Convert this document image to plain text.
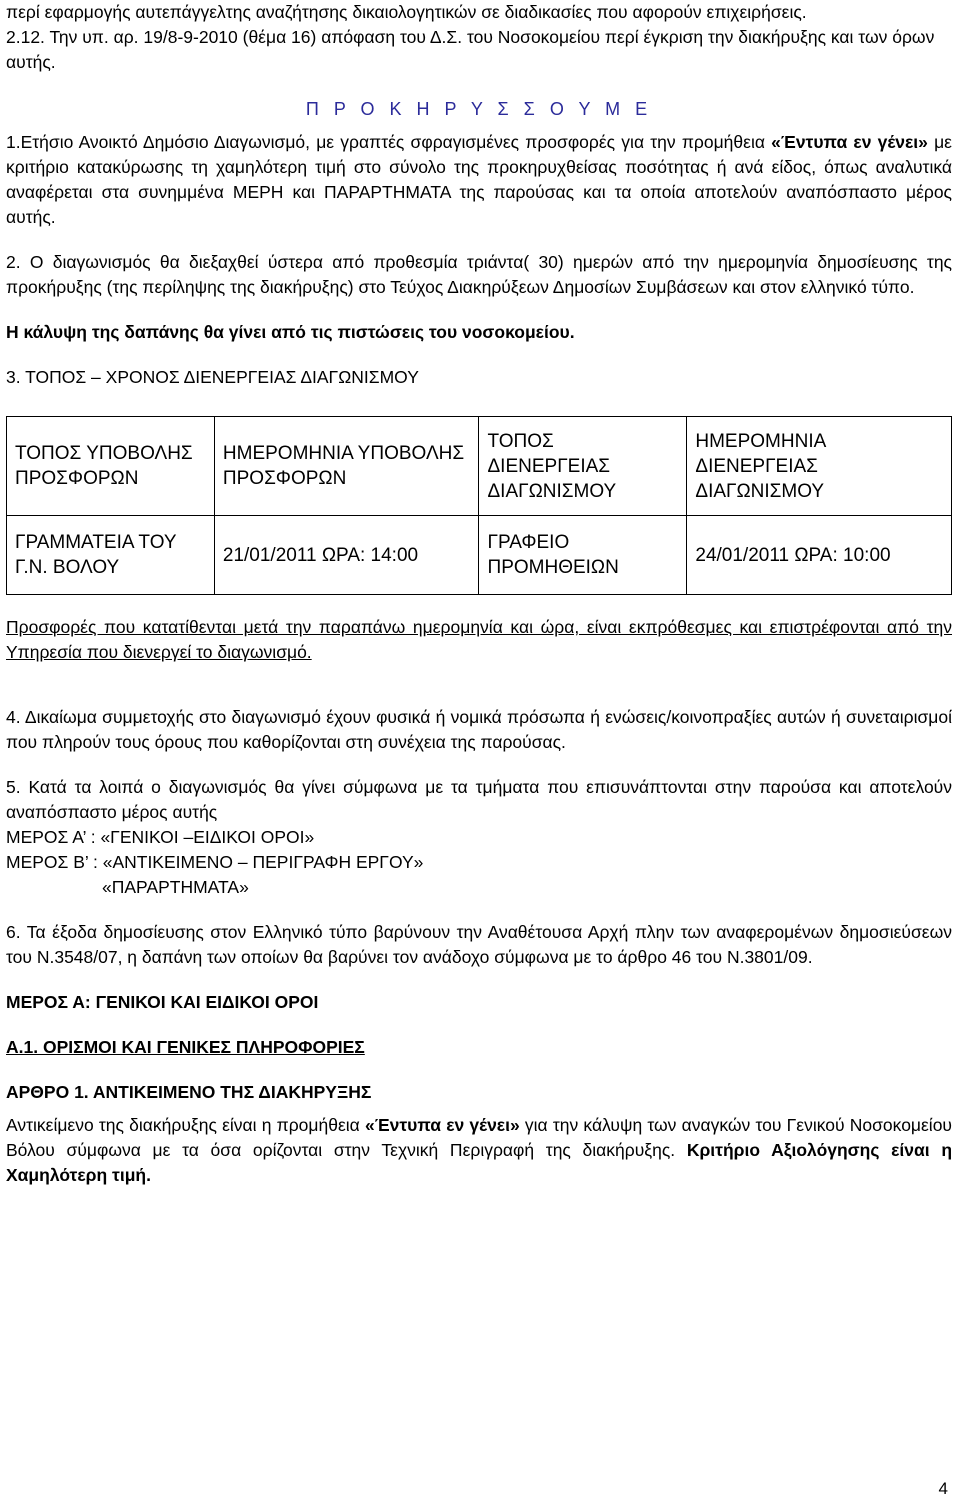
περί εφαρμογής αυτεπάγγελτης αναζήτησης δικαιολογητικών σε διαδικασίες που αφορούν επιχειρήσεις.

2.12. Την υπ. αρ. 19/8-9-2010 (θέμα 16) απόφαση του Δ.Σ. του Νοσοκομείου περί έγκριση την διακήρυξης και των όρων αυτής.

Π Ρ Ο Κ Η Ρ Υ Σ Σ Ο Υ Μ Ε

1.Ετήσιο Ανοικτό Δημόσιο Διαγωνισμό, με γραπτές σφραγισμένες προσφορές για την προμήθεια «Έντυπα εν γένει» με κριτήριο κατακύρωσης τη χαμηλότερη τιμή στο σύνολο της προκηρυχθείσας ποσότητας ή ανά είδος, όπως αναλυτικά αναφέρεται στα συνημμένα ΜΕΡΗ και ΠΑΡΑΡΤΗΜΑΤΑ της παρούσας και τα οποία αποτελούν αναπόσπαστο μέρος αυτής.

2. Ο διαγωνισμός θα διεξαχθεί ύστερα από προθεσμία τριάντα( 30) ημερών από την ημερομηνία δημοσίευσης της προκήρυξης (της περίληψης της διακήρυξης) στο Τεύχος Διακηρύξεων Δημοσίων Συμβάσεων και στον ελληνικό τύπο.

Η κάλυψη της δαπάνης θα γίνει από τις πιστώσεις του νοσοκομείου.

3. ΤΟΠΟΣ – ΧΡΟΝΟΣ ΔΙΕΝΕΡΓΕΙΑΣ ΔΙΑΓΩΝΙΣΜΟΥ

ΤΟΠΟΣ ΥΠΟΒΟΛΗΣ ΠΡΟΣΦΟΡΩΝ	ΗΜΕΡΟΜΗΝΙΑ ΥΠΟΒΟΛΗΣ ΠΡΟΣΦΟΡΩΝ	ΤΟΠΟΣ ΔΙΕΝΕΡΓΕΙΑΣ ΔΙΑΓΩΝΙΣΜΟΥ	ΗΜΕΡΟΜΗΝΙΑ ΔΙΕΝΕΡΓΕΙΑΣ ΔΙΑΓΩΝΙΣΜΟΥ
ΓΡΑΜΜΑΤΕΙΑ ΤΟΥ Γ.Ν. ΒΟΛΟΥ	21/01/2011 ΩΡΑ: 14:00	ΓΡΑΦΕΙΟ ΠΡΟΜΗΘΕΙΩΝ	24/01/2011 ΩΡΑ: 10:00

Προσφορές που κατατίθενται μετά την παραπάνω ημερομηνία και ώρα, είναι εκπρόθεσμες και επιστρέφονται από την Υπηρεσία που διενεργεί το διαγωνισμό.

4. Δικαίωμα συμμετοχής στο διαγωνισμό έχουν φυσικά ή νομικά πρόσωπα ή ενώσεις/κοινοπραξίες αυτών ή συνεταιρισμοί που πληρούν τους όρους που καθορίζονται στη συνέχεια της παρούσας.

5. Κατά τα λοιπά ο διαγωνισμός θα γίνει σύμφωνα με τα τμήματα που επισυνάπτονται στην παρούσα και αποτελούν αναπόσπαστο μέρος αυτής

ΜΕΡΟΣ Α’ : «ΓΕΝΙΚΟΙ –ΕΙΔΙΚΟΙ ΟΡΟΙ»

ΜΕΡΟΣ Β’ : «ΑΝΤΙΚΕΙΜΕΝΟ – ΠΕΡΙΓΡΑΦΗ ΕΡΓΟΥ»

«ΠΑΡΑΡΤΗΜΑΤΑ»

6. Τα έξοδα δημοσίευσης στον Ελληνικό τύπο βαρύνουν την Αναθέτουσα Αρχή πλην των αναφερομένων δημοσιεύσεων του Ν.3548/07, η δαπάνη των οποίων θα βαρύνει τον ανάδοχο σύμφωνα με το άρθρο 46 του Ν.3801/09.

ΜΕΡΟΣ Α: ΓΕΝΙΚΟΙ ΚΑΙ ΕΙΔΙΚΟΙ ΟΡΟΙ

Α.1. ΟΡΙΣΜΟΙ ΚΑΙ ΓΕΝΙΚΕΣ ΠΛΗΡΟΦΟΡΙΕΣ

ΑΡΘΡΟ 1. ΑΝΤΙΚΕΙΜΕΝΟ ΤΗΣ ΔΙΑΚΗΡΥΞΗΣ

Αντικείμενο της διακήρυξης είναι η προμήθεια «Έντυπα εν γένει» για την κάλυψη των αναγκών του Γενικού Νοσοκομείου Βόλου σύμφωνα με τα όσα ορίζονται στην Τεχνική Περιγραφή της διακήρυξης. Κριτήριο Αξιολόγησης είναι η Χαμηλότερη τιμή.

4
